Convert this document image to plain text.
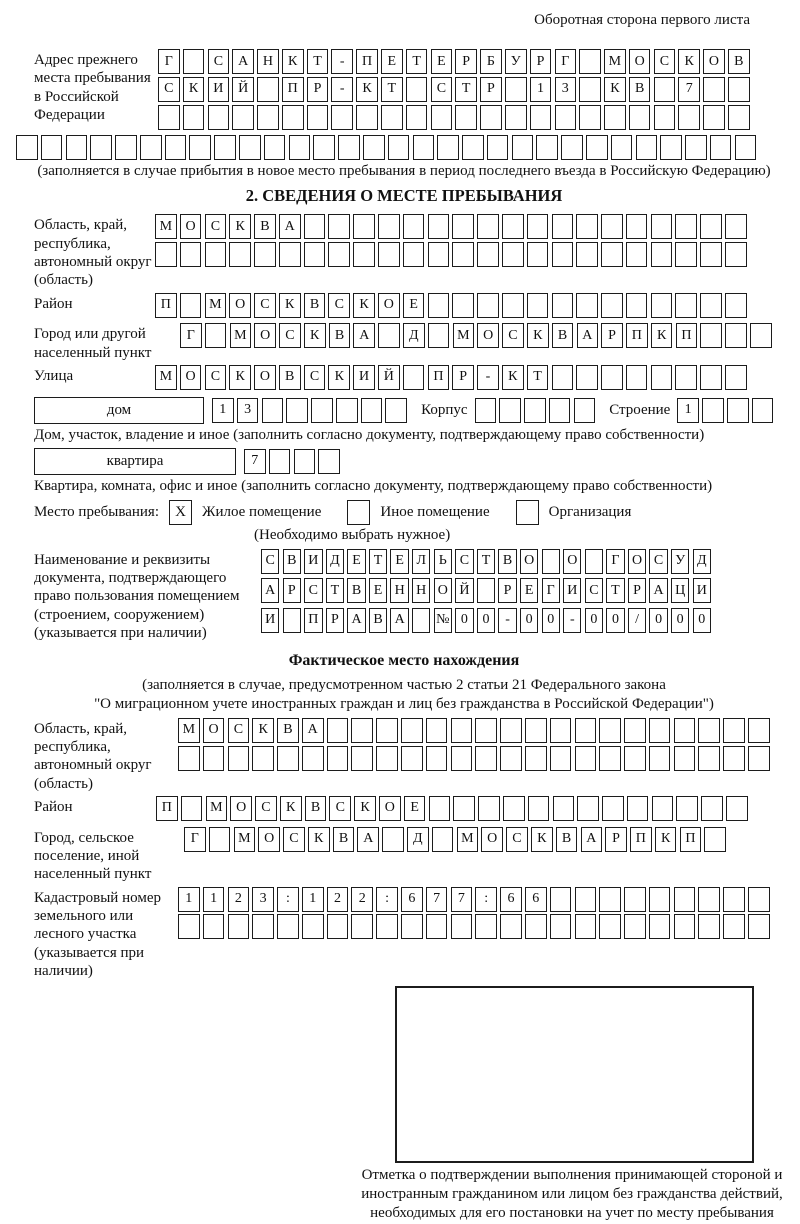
Оборотная сторона первого листа
Адрес прежнего места пребывания в Российской Федерации
Г	С	А	Н	К	Т	-	П	Е	Т	Е	Р	Б	У	Р	Г	М О	С	К	О	В
С	К	И	Й	П	Р	-	К	Т	С	Т	Р	1	3	К	В	7
(заполняется в случае прибытия в новое место пребывания в период последнего въезда в Российскую Федерацию)
2. СВЕДЕНИЯ О МЕСТЕ ПРЕБЫВАНИЯ
Область, край, республика, автономный округ (область)
М О	С	К	В	А
Район	П	М О	С	К	В	С	К	О	Е
Город или другой населенный пункт
Г	М О	С	К	В	А	Д	М О	С	К	В	А	Р	П	К	П
Улица	М О	С	К	О	В	С	К	И	Й	П	Р	-	К	Т
дом	1	3	Корпус	Строение	1
Дом, участок, владение и иное (заполнить согласно документу, подтверждающему право собственности)
квартира	7
Квартира, комната, офис и иное (заполнить согласно документу, подтверждающему право собственности)
Место пребывания:	X	Жилое помещение	Иное помещение	Организация
(Необходимо выбрать нужное)
Наименование и реквизиты документа, подтверждающего право пользования помещением (строением, сооружением) (указывается при наличии)
С В И Д Е Т Е Л Ь С Т В О О	Г О С У Д
А Р С Т В Е Н Н О Й	Р Е Г И С Т Р А Ц И
И П Р А В А № 0	0	-	0	0	-	0	0	/	0	0	0
Фактическое место нахождения
(заполняется в случае, предусмотренном частью 2 статьи 21 Федерального закона
"О миграционном учете иностранных граждан и лиц без гражданства в Российской Федерации")
Область, край, республика, автономный округ (область)
М О	С	К	В	А
Район	П	М О	С	К	В	С	К	О	Е
Город, сельское поселение, иной населенный пункт
Г	М О	С	К	В	А	Д	М О	С	К	В	А	Р	П	К	П
Кадастровый номер земельного или лесного участка (указывается при наличии)
1	1	2	3	:	1	2	2	:	6	7	7	:	6	6
Отметка о подтверждении выполнения принимающей стороной и иностранным гражданином или лицом без гражданства действий, необходимых для его постановки на учет по месту пребывания
